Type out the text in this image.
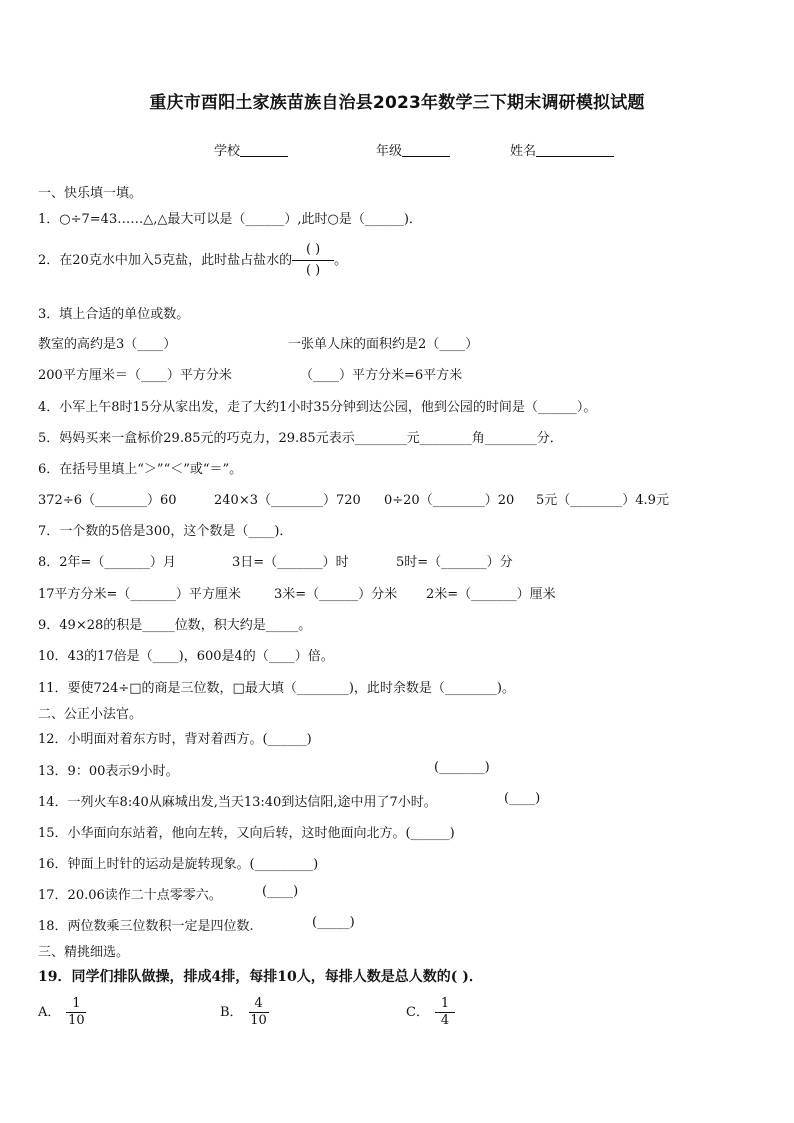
重庆市酉阳土家族苗族自治县2023年数学三下期末调研模拟试题
学校	年级	姓名
一、快乐填一填。
1．○÷7=43……△,△最大可以是（______）,此时○是（______)．
2．在20克水中加入5克盐，此时盐占盐水的 $\frac{( )}{( )}$ 。
3．填上合适的单位或数。
教室的高约是3（____）	一张单人床的面积约是2（____）
200平方厘米＝（____）平方分米	（____）平方分米=6平方米
4．小军上午8时15分从家出发，走了大约1小时35分钟到达公园，他到公园的时间是（______）。
5．妈妈买来一盒标价29.85元的巧克力，29.85元表示________元________角________分．
6．在括号里填上“＞”“＜”或“＝”。
372÷6（________）60	240×3（________）720 0÷20（________）20 5元（________）4.9元
7．一个数的5倍是300，这个数是（____)．
8．2年=（_______）月	3日=（_______）时	5时=（_______）分
17平方分米=（_______）平方厘米	3米=（______）分米 2米=（_______）厘米
9．49×28的积是_____位数，积大约是_____。
10．43的17倍是（____)，600是4的（____）倍。
11．要使724÷□的商是三位数，□最大填（________)，此时余数是（________)。
二、公正小法官。
12．小明面对着东方时，背对着西方。(______)
13．9：00表示9小时。	(_______)
14．一列火车8:40从麻城出发,当天13:40到达信阳,途中用了7小时。	(____)
15．小华面向东站着，他向左转，又向后转，这时他面向北方。(______)
16．钟面上时针的运动是旋转现象。(_________)
17．20.06读作二十点零零六。	(____)
18．两位数乘三位数积一定是四位数.	(_____)
三、精挑细选。
19．同学们排队做操，排成4排，每排10人，每排人数是总人数的( )．
A． $\frac{1}{10}$	B． $\frac{4}{10}$	C． $\frac{1}{4}$
